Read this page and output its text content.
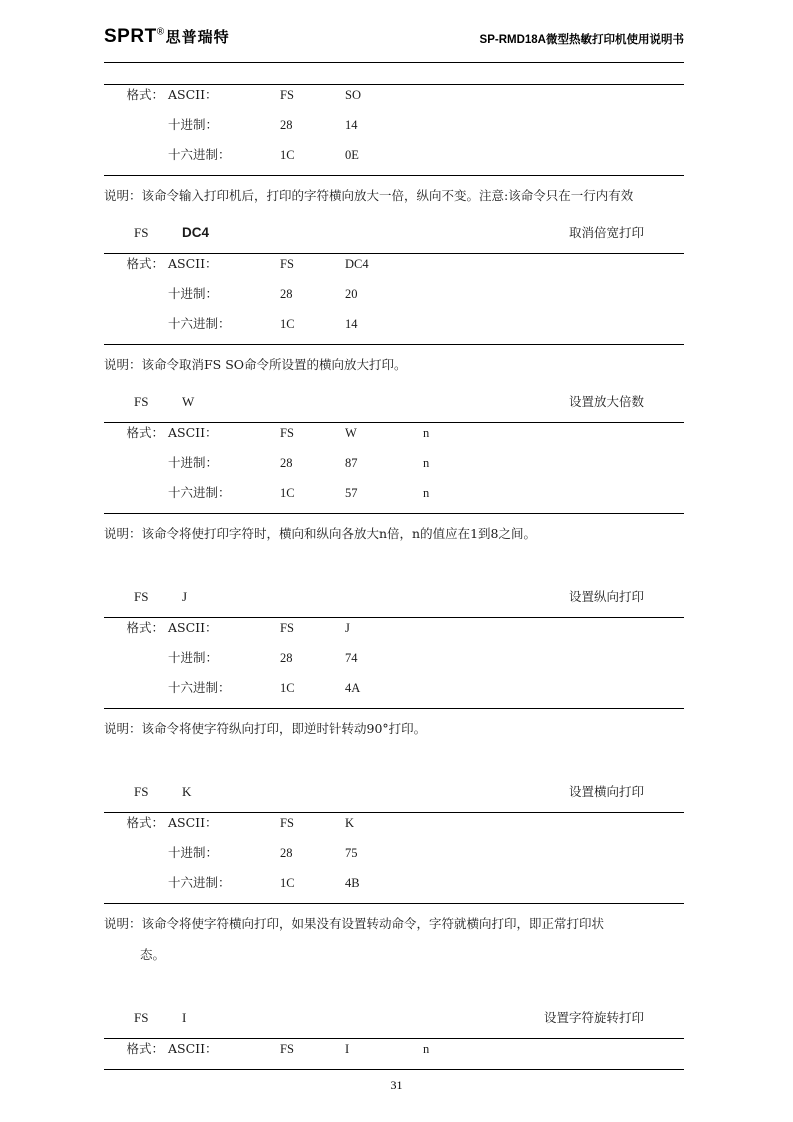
SPRT®思普瑞特	SP-RMD18A微型热敏打印机使用说明书
格式： ASCII：	FS	SO
十进制：	28	14
十六进制：	1C	0E
说明：该命令输入打印机后，打印的字符横向放大一倍，纵向不变。注意:该命令只在一行内有效
FS	DC4	取消倍宽打印
格式： ASCII：	FS	DC4
十进制：	28	20
十六进制：	1C	14
说明：该命令取消FS SO命令所设置的横向放大打印。
FS	W	设置放大倍数
格式： ASCII：	FS	W	n
十进制：	28	87	n
十六进制：	1C	57	n
说明：该命令将使打印字符时，横向和纵向各放大n倍，n的值应在1到8之间。
FS	J	设置纵向打印
格式： ASCII：	FS	J
十进制：	28	74
十六进制：	1C	4A
说明：该命令将使字符纵向打印，即逆时针转动90°打印。
FS	K	设置横向打印
格式： ASCII：	FS	K
十进制：	28	75
十六进制：	1C	4B
说明：该命令将使字符横向打印，如果没有设置转动命令，字符就横向打印，即正常打印状
态。
FS	I	设置字符旋转打印
格式： ASCII：	FS	I	n
31
